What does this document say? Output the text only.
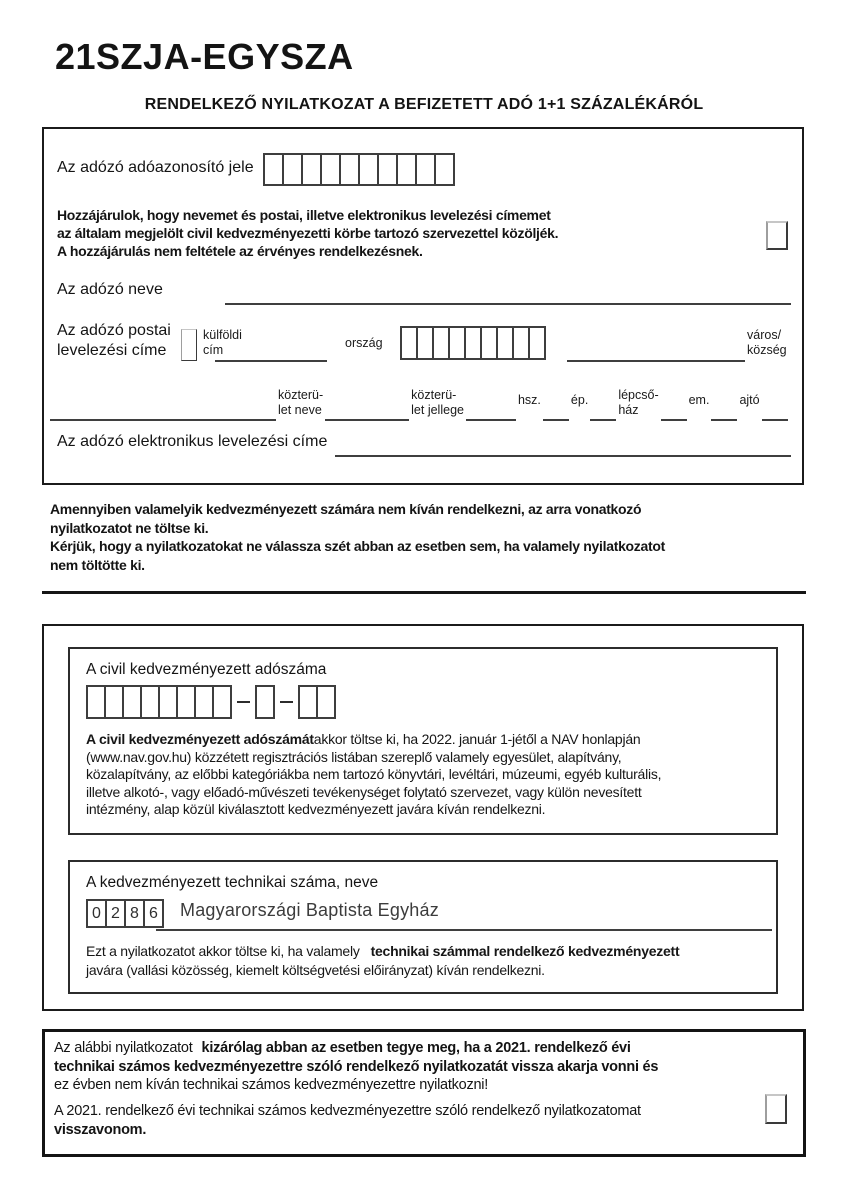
21SZJA-EGYSZA
RENDELKEZŐ NYILATKOZAT A BEFIZETETT ADÓ 1+1 SZÁZALÉKÁRÓL
Az adózó adóazonosító jele
Hozzájárulok, hogy nevemet és postai, illetve elektronikus levelezési címemet
az általam megjelölt civil kedvezményezetti körbe tartozó szervezettel közöljék.
A hozzájárulás nem feltétele az érvényes rendelkezésnek.
Az adózó neve
Az adózó postai
levelezési címe
külföldi
cím	ország
város/
község
közterü-
let neve
közterü-
let jellege
hsz. ép. lépcső-
ház
em. ajtó
Az adózó elektronikus levelezési címe
Amennyiben valamelyik kedvezményezett számára nem kíván rendelkezni, az arra vonatkozó
nyilatkozatot ne töltse ki.
Kérjük, hogy a nyilatkozatokat ne válassza szét abban az esetben sem, ha valamely nyilatkozatot
nem töltötte ki.
A civil kedvezményezett adószáma
A civil kedvezményezett adószámátakkor töltse ki, ha 2022. január 1-jétől a NAV honlapján
(www.nav.gov.hu) közzétett regisztrációs listában szereplő valamely egyesület, alapítvány,
közalapítvány, az előbbi kategóriákba nem tartozó könyvtári, levéltári, múzeumi, egyéb kulturális,
illetve alkotó-, vagy előadó-művészeti tevékenységet folytató szervezet, vagy külön nevesített
intézmény, alap közül kiválasztott kedvezményezett javára kíván rendelkezni.
A kedvezményezett technikai száma, neve
0 2 8 6	Magyarországi Baptista Egyház
Ezt a nyilatkozatot akkor töltse ki, ha valamely technikai számmal rendelkező kedvezményezett
javára (vallási közösség, kiemelt költségvetési előirányzat) kíván rendelkezni.
Az alábbi nyilatkozatot kizárólag abban az esetben tegye meg, ha a 2021. rendelkező évi
technikai számos kedvezményezettre szóló rendelkező nyilatkozatát vissza akarja vonni és
ez évben nem kíván technikai számos kedvezményezettre nyilatkozni!
A 2021. rendelkező évi technikai számos kedvezményezettre szóló rendelkező nyilatkozatomat
visszavonom.
